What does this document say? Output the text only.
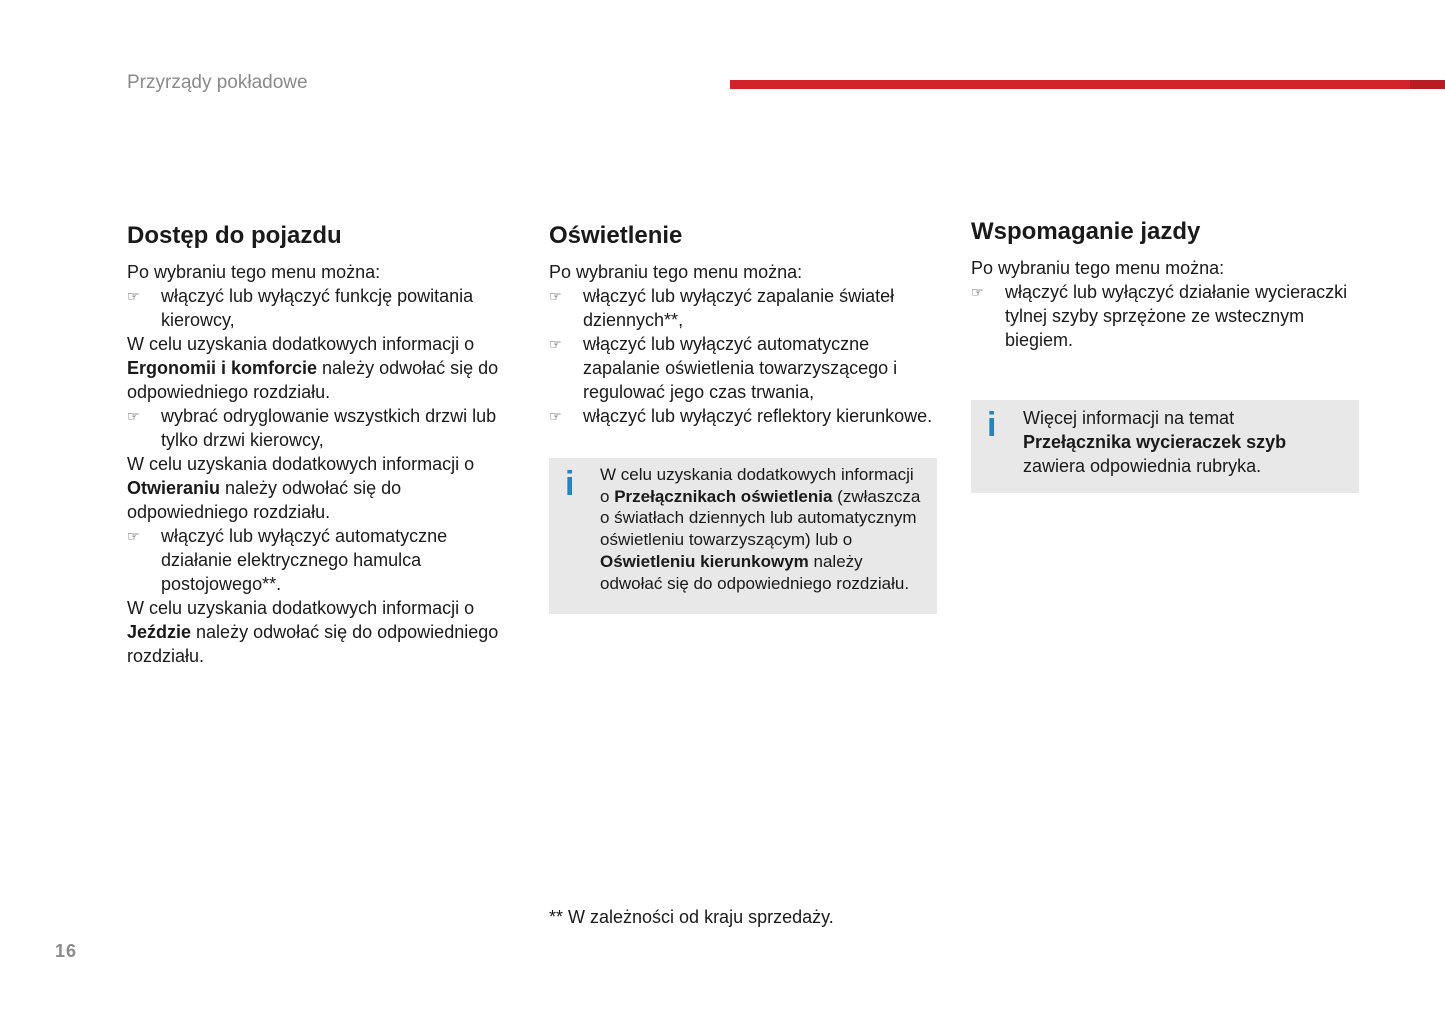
Przyrządy pokładowe
Dostęp do pojazdu

Po wybraniu tego menu można:

☞	włączyć lub wyłączyć funkcję powitania kierowcy,

W celu uzyskania dodatkowych informacji o Ergonomii i komforcie należy odwołać się do odpowiedniego rozdziału.

☞	wybrać odryglowanie wszystkich drzwi lub tylko drzwi kierowcy,

W celu uzyskania dodatkowych informacji o Otwieraniu należy odwołać się do odpowiedniego rozdziału.

☞	włączyć lub wyłączyć automatyczne działanie elektrycznego hamulca postojowego**.

W celu uzyskania dodatkowych informacji o Jeździe należy odwołać się do odpowiedniego rozdziału.

Oświetlenie

Po wybraniu tego menu można:

☞	włączyć lub wyłączyć zapalanie świateł dziennych**,

☞	włączyć lub wyłączyć automatyczne zapalanie oświetlenia towarzyszącego i regulować jego czas trwania,

☞	włączyć lub wyłączyć reflektory kierunkowe.

i W celu uzyskania dodatkowych informacji o Przełącznikach oświetlenia (zwłaszcza o światłach dziennych lub automatycznym oświetleniu towarzyszącym) lub o Oświetleniu kierunkowym należy odwołać się do odpowiedniego rozdziału.
Wspomaganie jazdy

Po wybraniu tego menu można:

☞	włączyć lub wyłączyć działanie wycieraczki tylnej szyby sprzężone ze wstecznym biegiem.

i Więcej informacji na temat
Przełącznika wycieraczek szyb
zawiera odpowiednia rubryka.
** W zależności od kraju sprzedaży.
16
